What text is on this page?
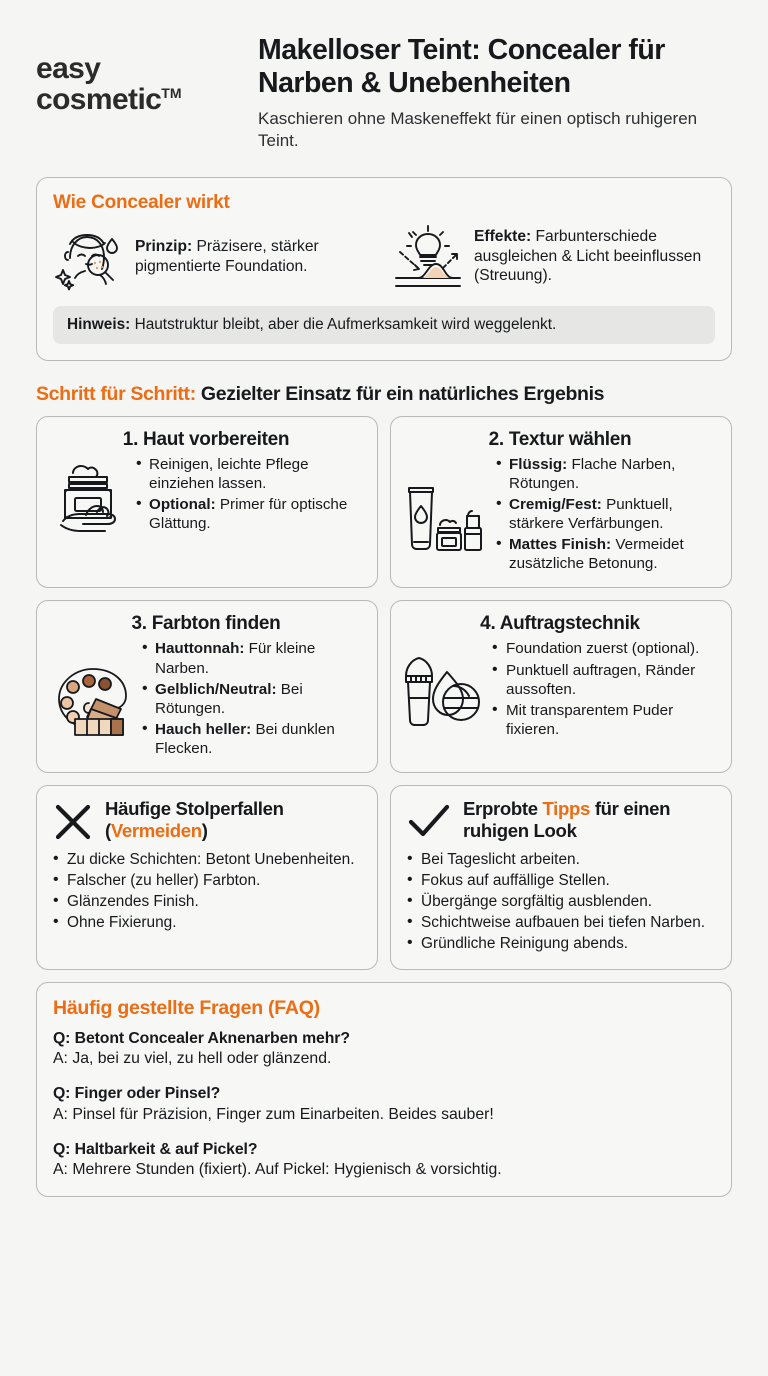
easy
cosmetic™
Makelloser Teint: Concealer für Narben & Unebenheiten

Kaschieren ohne Maskeneffekt für einen optisch ruhigeren Teint.

Wie Concealer wirkt
Prinzip: Präzisere, stärker pigmentierte Foundation.
Effekte: Farbunterschiede ausgleichen & Licht beeinflussen (Streuung).
Hinweis: Hautstruktur bleibt, aber die Aufmerksamkeit wird weggelenkt.
Schritt für Schritt: Gezielter Einsatz für ein natürliches Ergebnis
1. Haut vorbereiten
• Reinigen, leichte Pflege einziehen lassen.
• Optional: Primer für optische Glättung.
2. Textur wählen
• Flüssig: Flache Narben, Rötungen.
• Cremig/Fest: Punktuell, stärkere Verfärbungen.
• Mattes Finish: Vermeidet zusätzliche Betonung.
3. Farbton finden
• Hauttonnah: Für kleine Narben.
• Gelblich/Neutral: Bei Rötungen.
• Hauch heller: Bei dunklen Flecken.
4. Auftragstechnik
• Foundation zuerst (optional).
• Punktuell auftragen, Ränder aussoften.
• Mit transparentem Puder fixieren.
Häufige Stolperfallen (Vermeiden)
• Zu dicke Schichten: Betont Unebenheiten.
• Falscher (zu heller) Farbton.
• Glänzendes Finish.
• Ohne Fixierung.
Erprobte Tipps für einen ruhigen Look
• Bei Tageslicht arbeiten.
• Fokus auf auffällige Stellen.
• Übergänge sorgfältig ausblenden.
• Schichtweise aufbauen bei tiefen Narben.
• Gründliche Reinigung abends.
Häufig gestellte Fragen (FAQ)
Q: Betont Concealer Aknenarben mehr?
A: Ja, bei zu viel, zu hell oder glänzend.
Q: Finger oder Pinsel?
A: Pinsel für Präzision, Finger zum Einarbeiten. Beides sauber!
Q: Haltbarkeit & auf Pickel?
A: Mehrere Stunden (fixiert). Auf Pickel: Hygienisch & vorsichtig.
